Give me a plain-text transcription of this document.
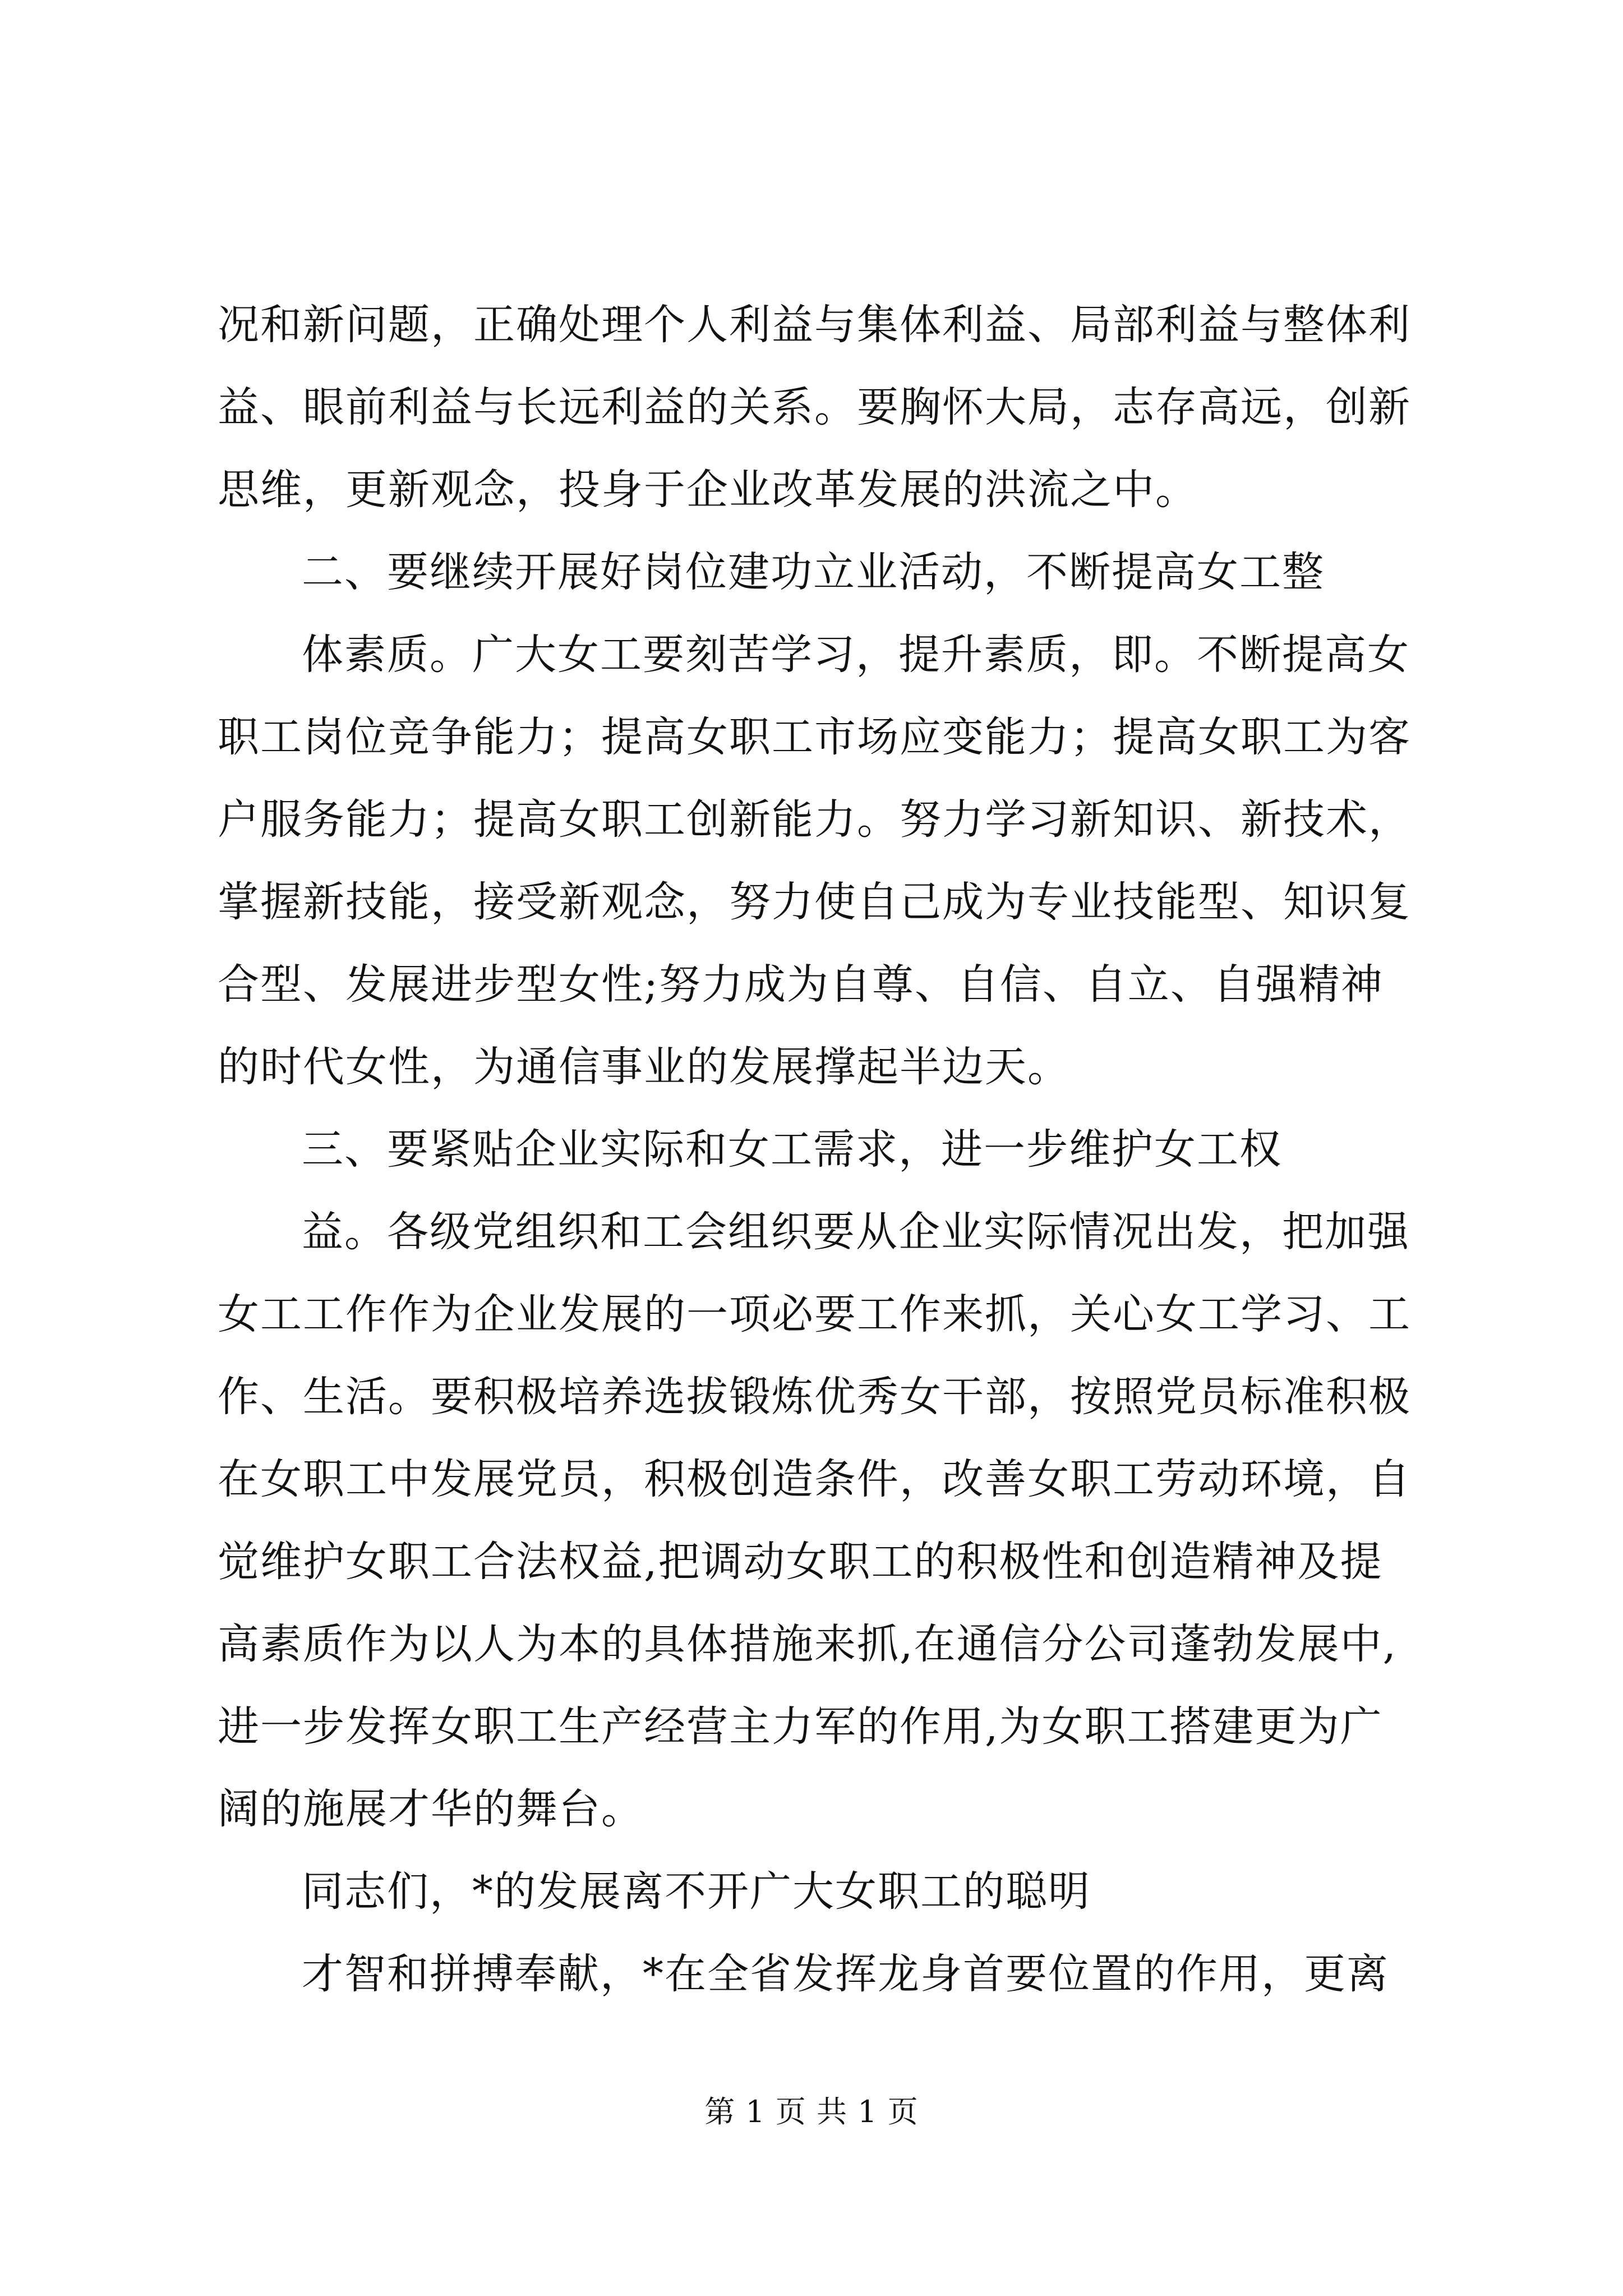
况和新问题，正确处理个人利益与集体利益、局部利益与整体利
益、眼前利益与长远利益的关系。要胸怀大局，志存高远，创新
思维，更新观念，投身于企业改革发展的洪流之中。
二、要继续开展好岗位建功立业活动，不断提高女工整
体素质。广大女工要刻苦学习，提升素质，即。不断提高女
职工岗位竞争能力；提高女职工市场应变能力；提高女职工为客
户服务能力；提高女职工创新能力。努力学习新知识、新技术，
掌握新技能，接受新观念，努力使自己成为专业技能型、知识复
合型、发展进步型女性;努力成为自尊、自信、自立、自强精神
的时代女性，为通信事业的发展撑起半边天。
三、要紧贴企业实际和女工需求，进一步维护女工权
益。各级党组织和工会组织要从企业实际情况出发，把加强
女工工作作为企业发展的一项必要工作来抓，关心女工学习、工
作、生活。要积极培养选拔锻炼优秀女干部，按照党员标准积极
在女职工中发展党员，积极创造条件，改善女职工劳动环境，自
觉维护女职工合法权益,把调动女职工的积极性和创造精神及提
高素质作为以人为本的具体措施来抓,在通信分公司蓬勃发展中,
进一步发挥女职工生产经营主力军的作用,为女职工搭建更为广
阔的施展才华的舞台。
同志们，*的发展离不开广大女职工的聪明
才智和拼搏奉献，*在全省发挥龙身首要位置的作用，更离
第 1 页 共 1 页
